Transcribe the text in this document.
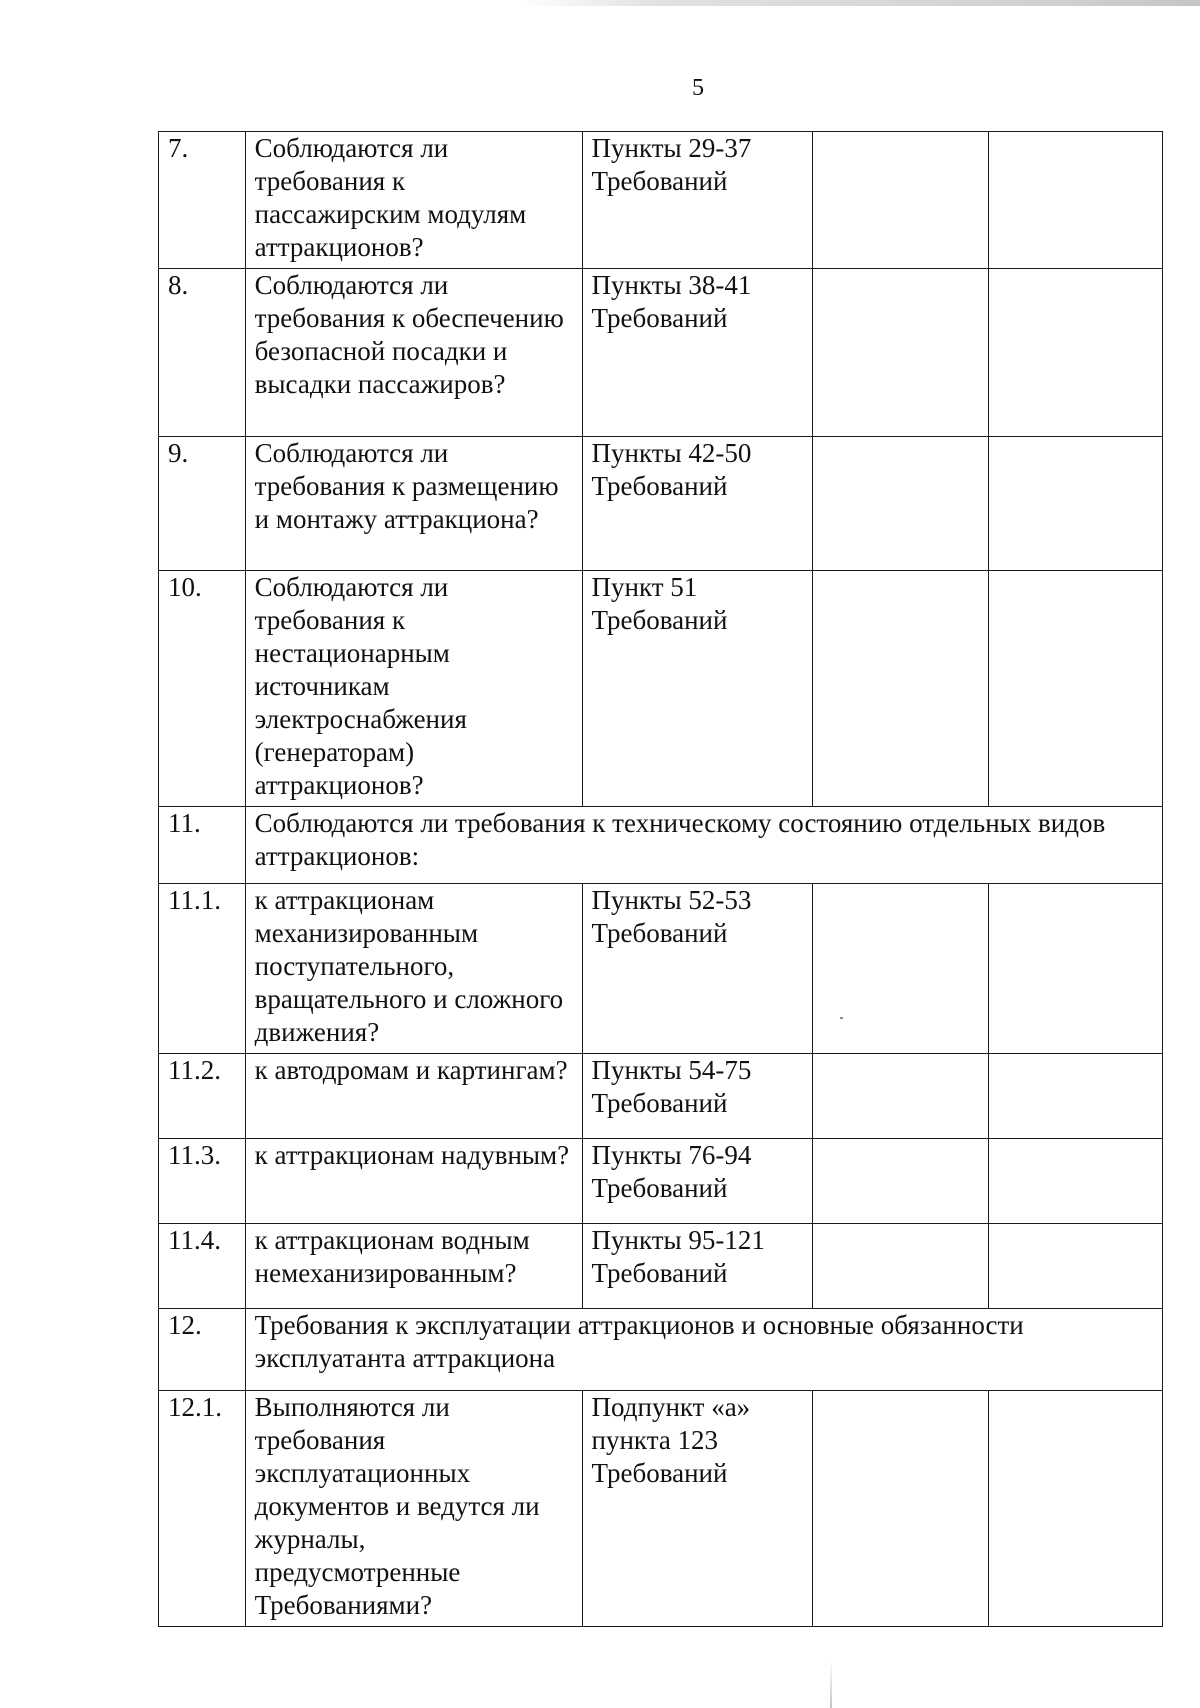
5
7.	Соблюдаются ли требования к пассажирским модулям аттракционов?	Пункты 29-37 Требований		
8.	Соблюдаются ли требования к обеспечению безопасной посадки и высадки пассажиров?	Пункты 38-41 Требований		
9.	Соблюдаются ли требования к размещению и монтажу аттракциона?	Пункты 42-50 Требований		
10.	Соблюдаются ли требования к нестационарным источникам электроснабжения (генераторам) аттракционов?	Пункт 51 Требований		
11.	Соблюдаются ли требования к техническому состоянию отдельных видов аттракционов:			
11.1.	к аттракционам механизированным поступательного, вращательного и сложного движения?	Пункты 52-53 Требований		
11.2.	к автодромам и картингам?	Пункты 54-75 Требований		
11.3.	к аттракционам надувным?	Пункты 76-94 Требований		
11.4.	к аттракционам водным немеханизированным?	Пункты 95-121 Требований		
12.	Требования к эксплуатации аттракционов и основные обязанности эксплуатанта аттракциона			
12.1.	Выполняются ли требования эксплуатационных документов и ведутся ли журналы, предусмотренные Требованиями?	Подпункт «а» пункта 123 Требований		
